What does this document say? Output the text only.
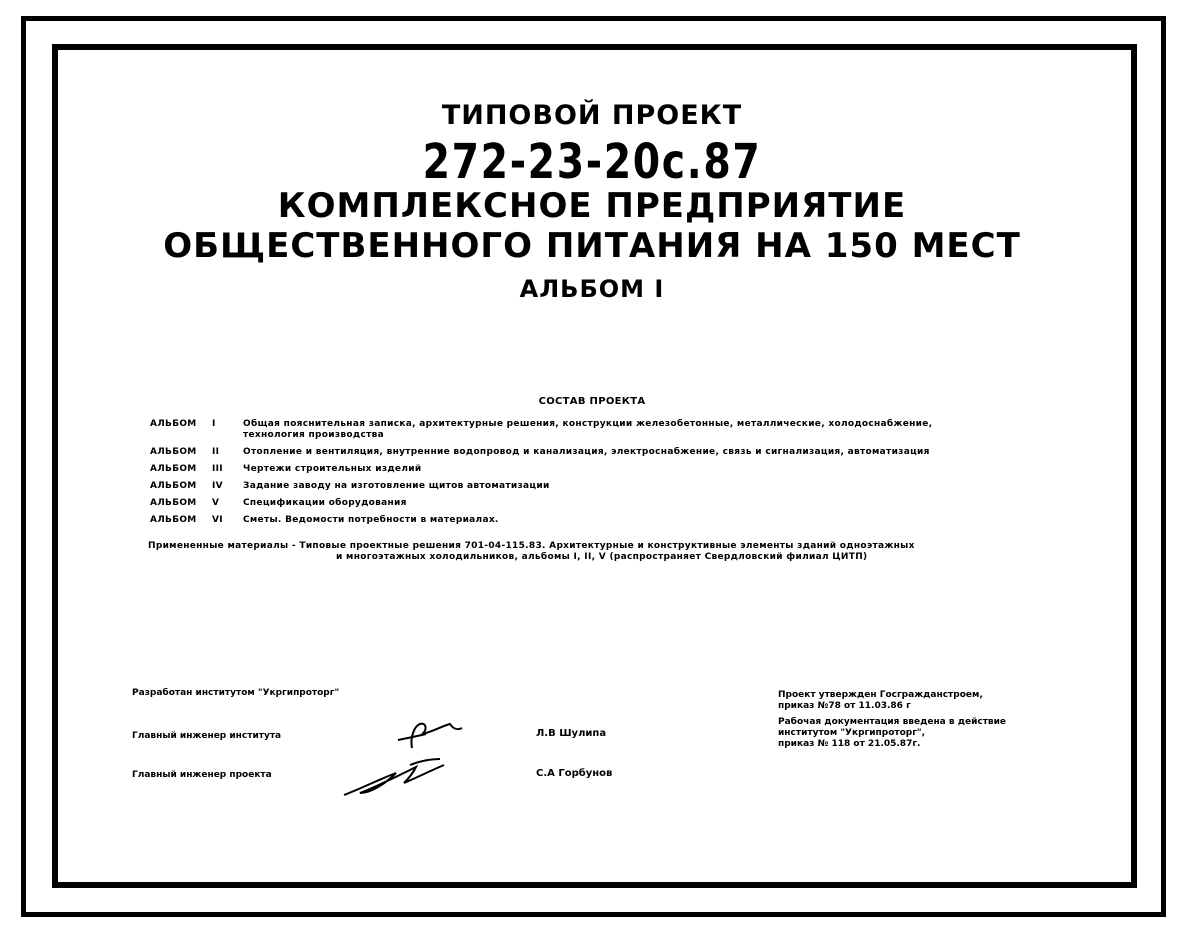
ТИПОВОЙ ПРОЕКТ
272-23-20с.87
КОМПЛЕКСНОЕ ПРЕДПРИЯТИЕ
ОБЩЕСТВЕННОГО ПИТАНИЯ НА 150 МЕСТ
АЛЬБОМ I
СОСТАВ ПРОЕКТА
АЛЬБОМ	I	Общая пояснительная записка, архитектурные решения, конструкции железобетонные, металлические, холодоснабжение,
технология производства
АЛЬБОМ	II	Отопление и вентиляция, внутренние водопровод и канализация, электроснабжение, связь и сигнализация, автоматизация
АЛЬБОМ	III	Чертежи строительных изделий
АЛЬБОМ	IV	Задание заводу на изготовление щитов автоматизации
АЛЬБОМ	V	Спецификации оборудования
АЛЬБОМ	VI	Сметы. Ведомости потребности в материалах.
Примененные материалы - Типовые проектные решения 701-04-115.83. Архитектурные и конструктивные элементы зданий одноэтажных
и многоэтажных холодильников, альбомы I, II, V (распространяет Свердловский филиал ЦИТП)
Разработан институтом "Укргипроторг"
Главный инженер института	Л.В Шулипа
Главный инженер проекта	С.А Горбунов
Проект утвержден Госгражданстроем,
приказ №78 от 11.03.86 г
Рабочая документация введена в действие
институтом "Укргипроторг",
приказ № 118 от 21.05.87г.
